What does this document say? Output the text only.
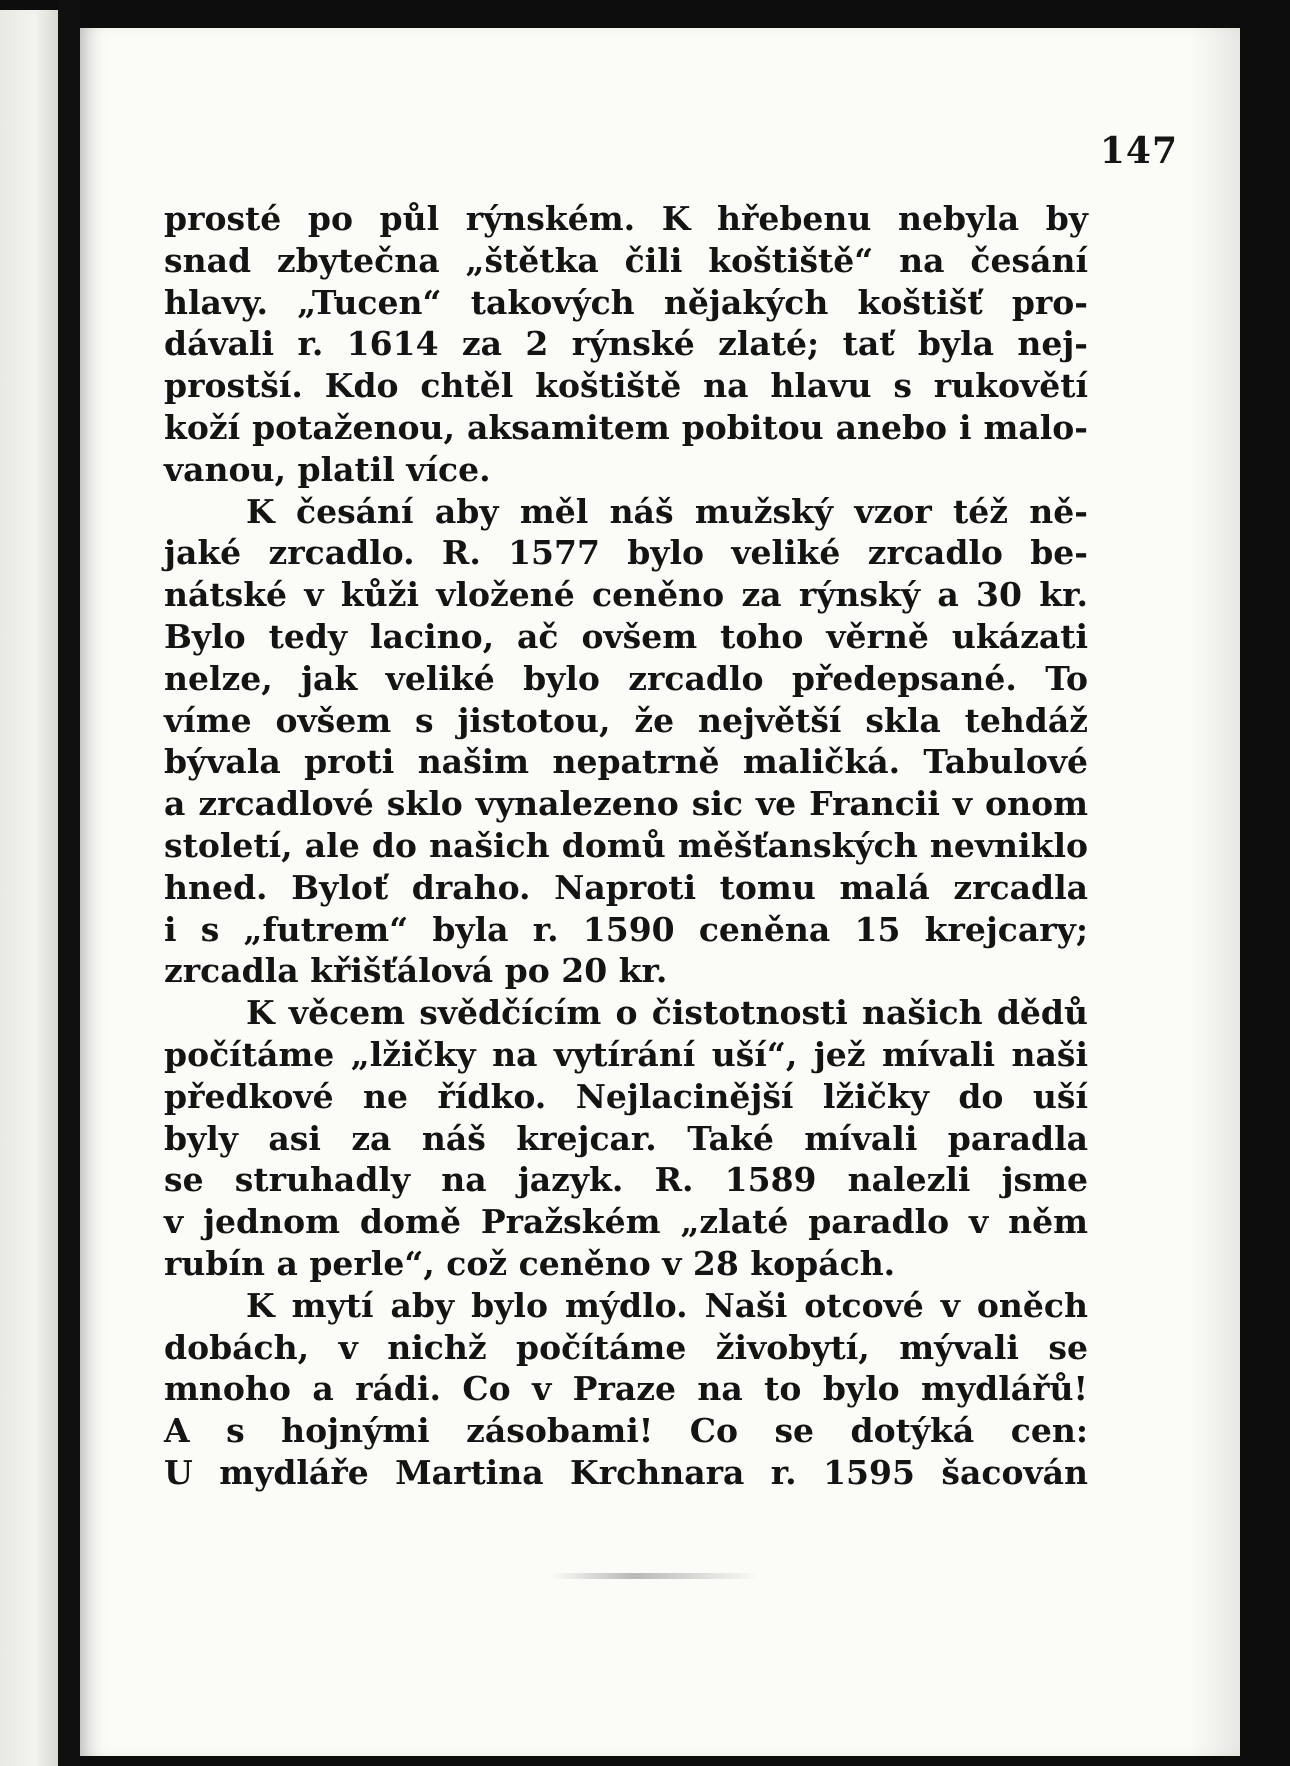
147
prosté po půl rýnském. K hřebenu nebyla by
snad zbytečna „štětka čili koštiště“ na česání
hlavy. „Tucen“ takových nějakých koštišť pro-
dávali r. 1614 za 2 rýnské zlaté; tať byla nej-
prostší. Kdo chtěl koštiště na hlavu s rukovětí
koží potaženou, aksamitem pobitou anebo i malo-
vanou, platil více.
K česání aby měl náš mužský vzor též ně-
jaké zrcadlo. R. 1577 bylo veliké zrcadlo be-
nátské v kůži vložené ceněno za rýnský a 30 kr.
Bylo tedy lacino, ač ovšem toho věrně ukázati
nelze, jak veliké bylo zrcadlo předepsané. To
víme ovšem s jistotou, že největší skla tehdáž
bývala proti našim nepatrně maličká. Tabulové
a zrcadlové sklo vynalezeno sic ve Francii v onom
století, ale do našich domů měšťanských nevniklo
hned. Byloť draho. Naproti tomu malá zrcadla
i s „futrem“ byla r. 1590 ceněna 15 krejcary;
zrcadla křišťálová po 20 kr.
K věcem svědčícím o čistotnosti našich dědů
počítáme „lžičky na vytírání uší“, jež mívali naši
předkové ne řídko. Nejlacinější lžičky do uší
byly asi za náš krejcar. Také mívali paradla
se struhadly na jazyk. R. 1589 nalezli jsme
v jednom domě Pražském „zlaté paradlo v něm
rubín a perle“, což ceněno v 28 kopách.
K mytí aby bylo mýdlo. Naši otcové v oněch
dobách, v nichž počítáme živobytí, mývali se
mnoho a rádi. Co v Praze na to bylo mydlářů!
A s hojnými zásobami! Co se dotýká cen:
U mydláře Martina Krchnara r. 1595 šacován
